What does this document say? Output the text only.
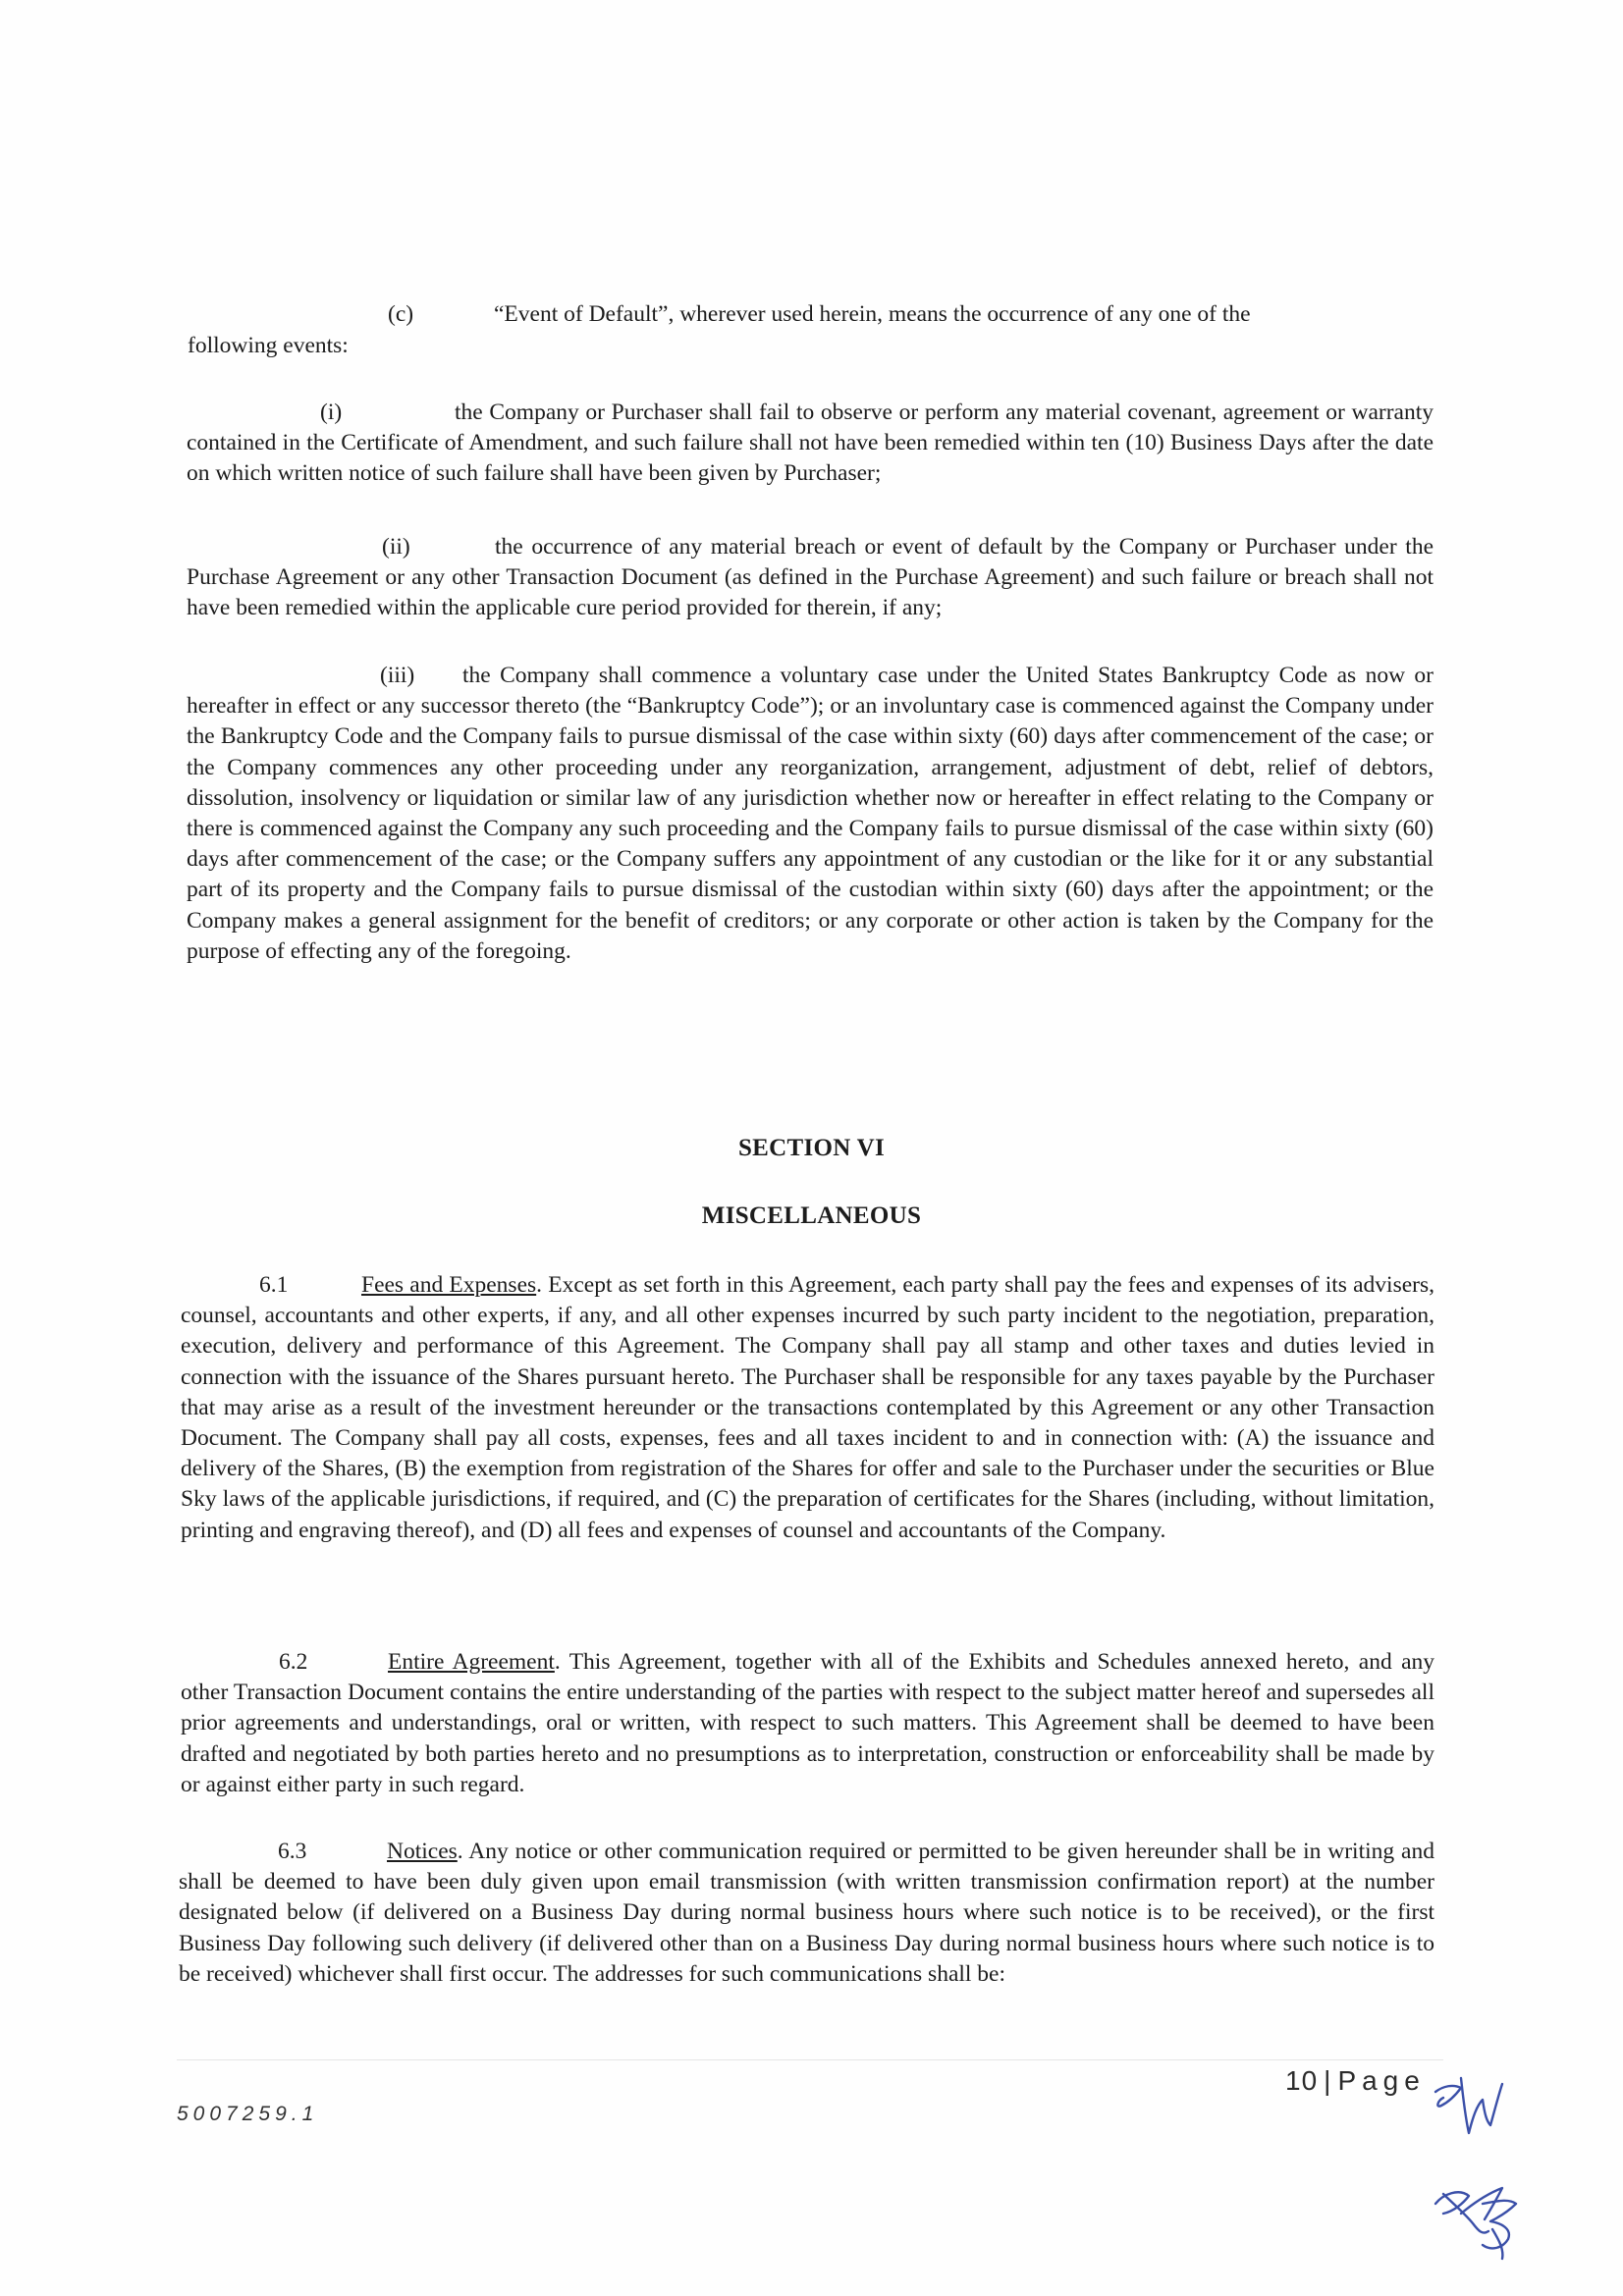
(c)	“Event of Default”, wherever used herein, means the occurrence of any one of the
following events:
(i)	the Company or Purchaser shall fail to observe or perform any material covenant, agreement or warranty contained in the Certificate of Amendment, and such failure shall not have been remedied within ten (10) Business Days after the date on which written notice of such failure shall have been given by Purchaser;
(ii)	the occurrence of any material breach or event of default by the Company or Purchaser under the Purchase Agreement or any other Transaction Document (as defined in the Purchase Agreement) and such failure or breach shall not have been remedied within the applicable cure period provided for therein, if any;
(iii) the Company shall commence a voluntary case under the United States Bankruptcy Code as now or hereafter in effect or any successor thereto (the “Bankruptcy Code”); or an involuntary case is commenced against the Company under the Bankruptcy Code and the Company fails to pursue dismissal of the case within sixty (60) days after commencement of the case; or the Company commences any other proceeding under any reorganization, arrangement, adjustment of debt, relief of debtors, dissolution, insolvency or liquidation or similar law of any jurisdiction whether now or hereafter in effect relating to the Company or there is commenced against the Company any such proceeding and the Company fails to pursue dismissal of the case within sixty (60) days after commencement of the case; or the Company suffers any appointment of any custodian or the like for it or any substantial part of its property and the Company fails to pursue dismissal of the custodian within sixty (60) days after the appointment; or the Company makes a general assignment for the benefit of creditors; or any corporate or other action is taken by the Company for the purpose of effecting any of the foregoing.
SECTION VI
MISCELLANEOUS
6.1	Fees and Expenses. Except as set forth in this Agreement, each party shall pay the fees and expenses of its advisers, counsel, accountants and other experts, if any, and all other expenses incurred by such party incident to the negotiation, preparation, execution, delivery and performance of this Agreement. The Company shall pay all stamp and other taxes and duties levied in connection with the issuance of the Shares pursuant hereto. The Purchaser shall be responsible for any taxes payable by the Purchaser that may arise as a result of the investment hereunder or the transactions contemplated by this Agreement or any other Transaction Document. The Company shall pay all costs, expenses, fees and all taxes incident to and in connection with: (A) the issuance and delivery of the Shares, (B) the exemption from registration of the Shares for offer and sale to the Purchaser under the securities or Blue Sky laws of the applicable jurisdictions, if required, and (C) the preparation of certificates for the Shares (including, without limitation, printing and engraving thereof), and (D) all fees and expenses of counsel and accountants of the Company.
6.2	Entire Agreement. This Agreement, together with all of the Exhibits and Schedules annexed hereto, and any other Transaction Document contains the entire understanding of the parties with respect to the subject matter hereof and supersedes all prior agreements and understandings, oral or written, with respect to such matters. This Agreement shall be deemed to have been drafted and negotiated by both parties hereto and no presumptions as to interpretation, construction or enforceability shall be made by or against either party in such regard.
6.3	Notices. Any notice or other communication required or permitted to be given hereunder shall be in writing and shall be deemed to have been duly given upon email transmission (with written transmission confirmation report) at the number designated below (if delivered on a Business Day during normal business hours where such notice is to be received), or the first Business Day following such delivery (if delivered other than on a Business Day during normal business hours where such notice is to be received) whichever shall first occur. The addresses for such communications shall be:
5007259.1
10 | Page
